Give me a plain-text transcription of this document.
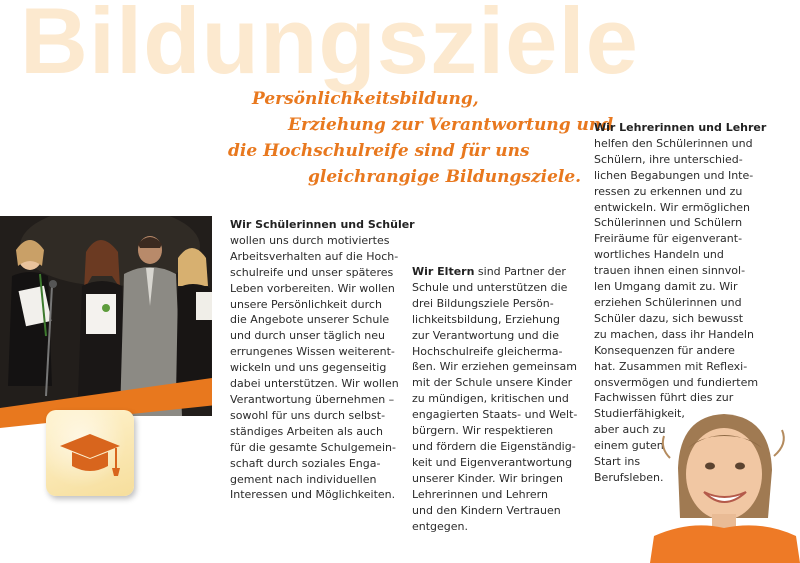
Bildungsziele
Persönlichkeitsbildung,
Erziehung zur Verantwortung und
die Hochschulreife sind für uns
gleichrangige Bildungsziele.
Wir Schülerinnen und Schüler
wollen uns durch motiviertes
Arbeitsverhalten auf die Hoch-
schulreife und unser späteres
Leben vorbereiten. Wir wollen
unsere Persönlichkeit durch
die Angebote unserer Schule
und durch unser täglich neu
errungenes Wissen weiterent-
wickeln und uns gegenseitig
dabei unterstützen. Wir wollen
Verantwortung übernehmen –
sowohl für uns durch selbst-
ständiges Arbeiten als auch
für die gesamte Schulgemein-
schaft durch soziales Enga-
gement nach individuellen
Interessen und Möglichkeiten.
Wir Eltern sind Partner der
Schule und unterstützen die
drei Bildungsziele Persön-
lichkeitsbildung, Erziehung
zur Verantwortung und die
Hochschulreife gleicherma-
ßen. Wir erziehen gemeinsam
mit der Schule unsere Kinder
zu mündigen, kritischen und
engagierten Staats- und Welt-
bürgern. Wir respektieren
und fördern die Eigenständig-
keit und Eigenverantwortung
unserer Kinder. Wir bringen
Lehrerinnen und Lehrern
und den Kindern Vertrauen
entgegen.
Wir Lehrerinnen und Lehrer
helfen den Schülerinnen und
Schülern, ihre unterschied-
lichen Begabungen und Inte-
ressen zu erkennen und zu
entwickeln. Wir ermöglichen
Schülerinnen und Schülern
Freiräume für eigenverant-
wortliches Handeln und
trauen ihnen einen sinnvol-
len Umgang damit zu. Wir
erziehen Schülerinnen und
Schüler dazu, sich bewusst
zu machen, dass ihr Handeln
Konsequenzen für andere
hat. Zusammen mit Reflexi-
onsvermögen und fundiertem
Fachwissen führt dies zur
Studierfähigkeit,
aber auch zu
einem guten
Start ins
Berufsleben.
